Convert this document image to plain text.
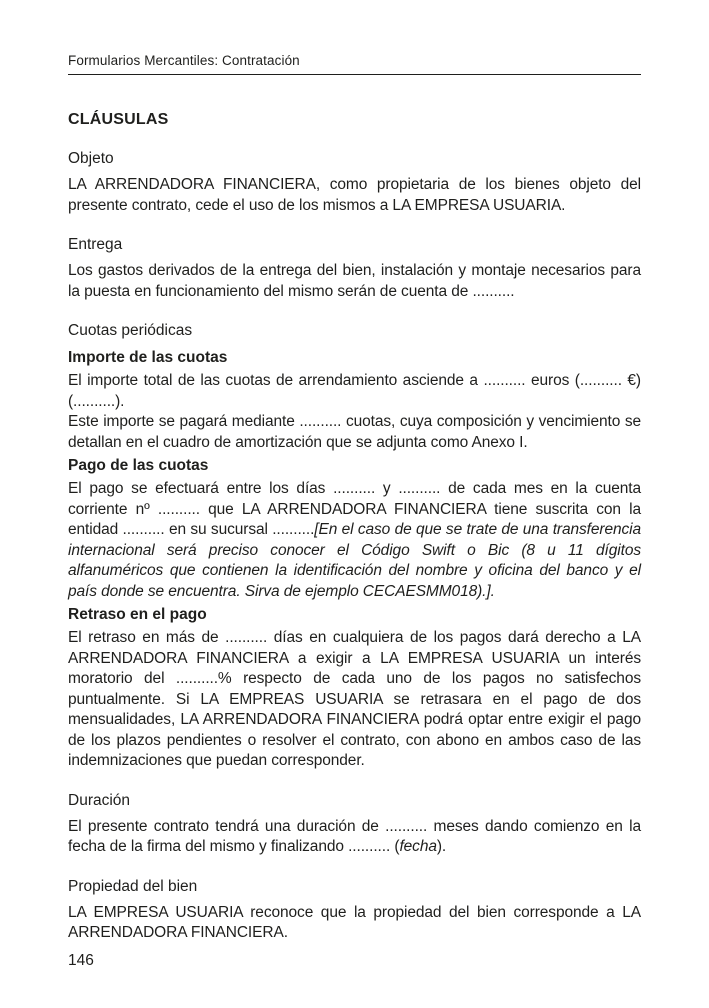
Formularios Mercantiles: Contratación
CLÁUSULAS
Objeto

LA ARRENDADORA FINANCIERA, como propietaria de los bienes objeto del presente contrato, cede el uso de los mismos a LA EMPRESA USUARIA.

Entrega

Los gastos derivados de la entrega del bien, instalación y montaje necesarios para la puesta en funcionamiento del mismo serán de cuenta de ..........

Cuotas periódicas
Importe de las cuotas

El importe total de las cuotas de arrendamiento asciende a .......... euros (.......... €) (..........).

Este importe se pagará mediante .......... cuotas, cuya composición y vencimiento se detallan en el cuadro de amortización que se adjunta como Anexo I.

Pago de las cuotas

El pago se efectuará entre los días .......... y .......... de cada mes en la cuenta corriente nº .......... que LA ARRENDADORA FINANCIERA tiene suscrita con la entidad .......... en su sucursal ..........[En el caso de que se trate de una transferencia internacional será preciso conocer el Código Swift o Bic (8 u 11 dígitos alfanuméricos que contienen la identificación del nombre y oficina del banco y el país donde se encuentra. Sirva de ejemplo CECAESMM018).].

Retraso en el pago

El retraso en más de .......... días en cualquiera de los pagos dará derecho a LA ARRENDADORA FINANCIERA a exigir a LA EMPRESA USUARIA un interés moratorio del ..........% respecto de cada uno de los pagos no satisfechos puntualmente. Si LA EMPREAS USUARIA se retrasara en el pago de dos mensualidades, LA ARRENDADORA FINANCIERA podrá optar entre exigir el pago de los plazos pendientes o resolver el contrato, con abono en ambos caso de las indemnizaciones que puedan corresponder.

Duración

El presente contrato tendrá una duración de .......... meses dando comienzo en la fecha de la firma del mismo y finalizando .......... (fecha).

Propiedad del bien

LA EMPRESA USUARIA reconoce que la propiedad del bien corresponde a LA ARRENDADORA FINANCIERA.

146
